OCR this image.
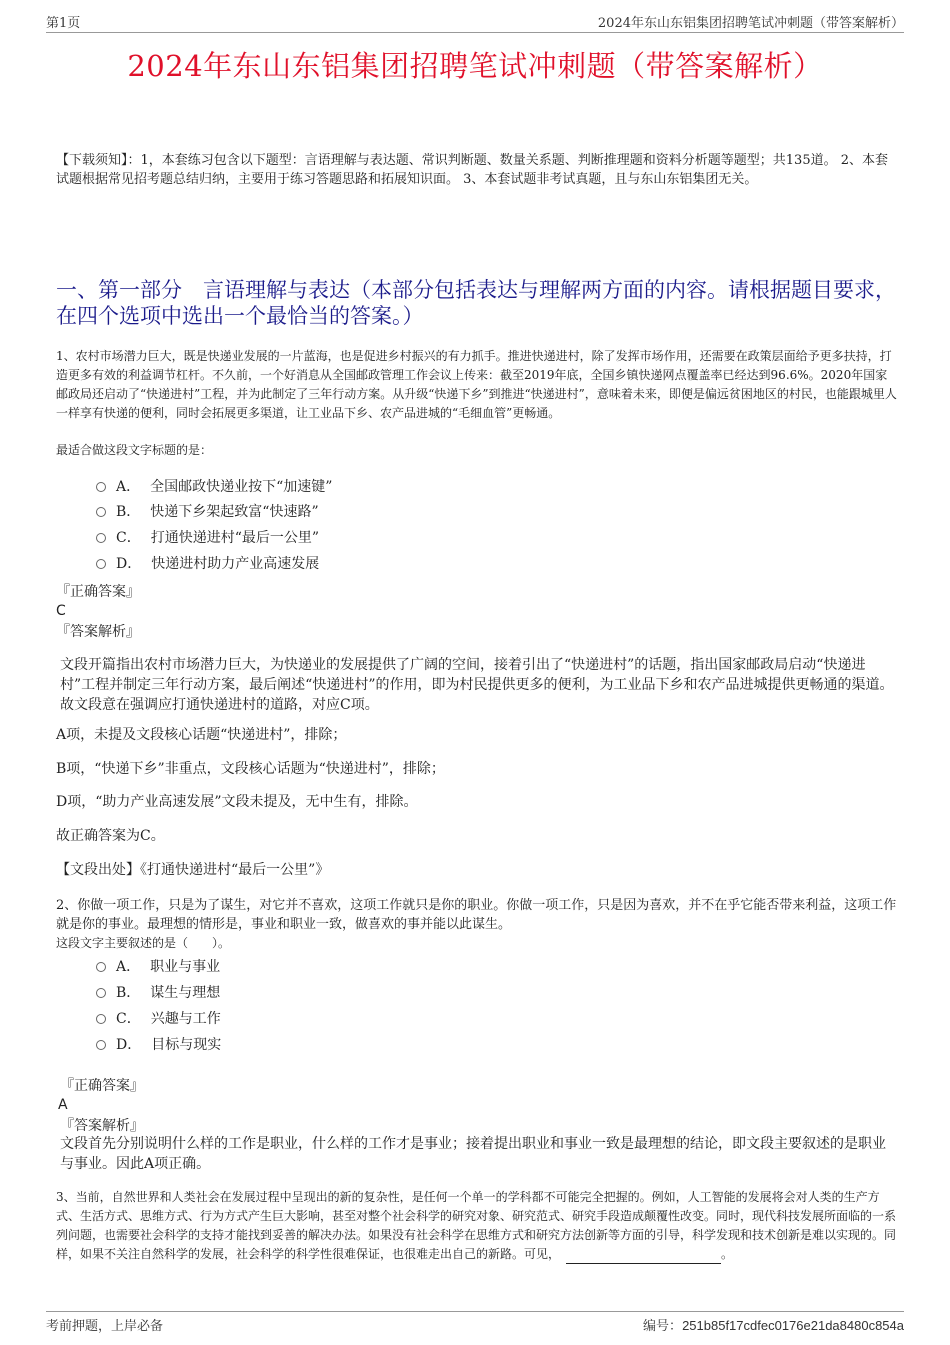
第1页	2024年东山东铝集团招聘笔试冲刺题（带答案解析）
2024年东山东铝集团招聘笔试冲刺题（带答案解析）
【下载须知】：1，本套练习包含以下题型：言语理解与表达题、常识判断题、数量关系题、判断推理题和资料分析题等题型；共135道。 2、本套试题根据常见招考题总结归纳，主要用于练习答题思路和拓展知识面。 3、本套试题非考试真题，且与东山东铝集团无关。
一、第一部分　言语理解与表达（本部分包括表达与理解两方面的内容。请根据题目要求，在四个选项中选出一个最恰当的答案。）
1、农村市场潜力巨大，既是快递业发展的一片蓝海，也是促进乡村振兴的有力抓手。推进快递进村，除了发挥市场作用，还需要在政策层面给予更多扶持，打造更多有效的利益调节杠杆。不久前，一个好消息从全国邮政管理工作会议上传来：截至2019年底，全国乡镇快递网点覆盖率已经达到96.6%。2020年国家邮政局还启动了“快递进村”工程，并为此制定了三年行动方案。从升级“快递下乡”到推进“快递进村”，意味着未来，即便是偏远贫困地区的村民，也能跟城里人一样享有快递的便利，同时会拓展更多渠道，让工业品下乡、农产品进城的“毛细血管”更畅通。
最适合做这段文字标题的是：
A． 全国邮政快递业按下“加速键”
B． 快递下乡架起致富“快速路”
C． 打通快递进村“最后一公里”
D． 快递进村助力产业高速发展
『正确答案』
C
『答案解析』
文段开篇指出农村市场潜力巨大，为快递业的发展提供了广阔的空间，接着引出了“快递进村”的话题，指出国家邮政局启动“快递进村”工程并制定三年行动方案，最后阐述“快递进村”的作用，即为村民提供更多的便利，为工业品下乡和农产品进城提供更畅通的渠道。故文段意在强调应打通快递进村的道路，对应C项。
A项，未提及文段核心话题“快递进村”，排除；
B项，“快递下乡”非重点，文段核心话题为“快递进村”，排除；
D项，“助力产业高速发展”文段未提及，无中生有，排除。
故正确答案为C。
【文段出处】《打通快递进村“最后一公里”》
2、你做一项工作，只是为了谋生，对它并不喜欢，这项工作就只是你的职业。你做一项工作，只是因为喜欢，并不在乎它能否带来利益，这项工作就是你的事业。最理想的情形是，事业和职业一致，做喜欢的事并能以此谋生。
这段文字主要叙述的是（　　）。
A． 职业与事业
B． 谋生与理想
C． 兴趣与工作
D． 目标与现实
『正确答案』
A
『答案解析』
文段首先分别说明什么样的工作是职业，什么样的工作才是事业；接着提出职业和事业一致是最理想的结论，即文段主要叙述的是职业与事业。因此A项正确。
3、当前，自然世界和人类社会在发展过程中呈现出的新的复杂性，是任何一个单一的学科都不可能完全把握的。例如，人工智能的发展将会对人类的生产方式、生活方式、思维方式、行为方式产生巨大影响，甚至对整个社会科学的研究对象、研究范式、研究手段造成颠覆性改变。同时，现代科技发展所面临的一系列问题，也需要社会科学的支持才能找到妥善的解决办法。如果没有社会科学在思维方式和研究方法创新等方面的引导，科学发现和技术创新是难以实现的。同样，如果不关注自然科学的发展，社会科学的科学性很难保证，也很难走出自己的新路。可见，	。
考前押题，上岸必备	编号：251b85f17cdfec0176e21da8480c854a
